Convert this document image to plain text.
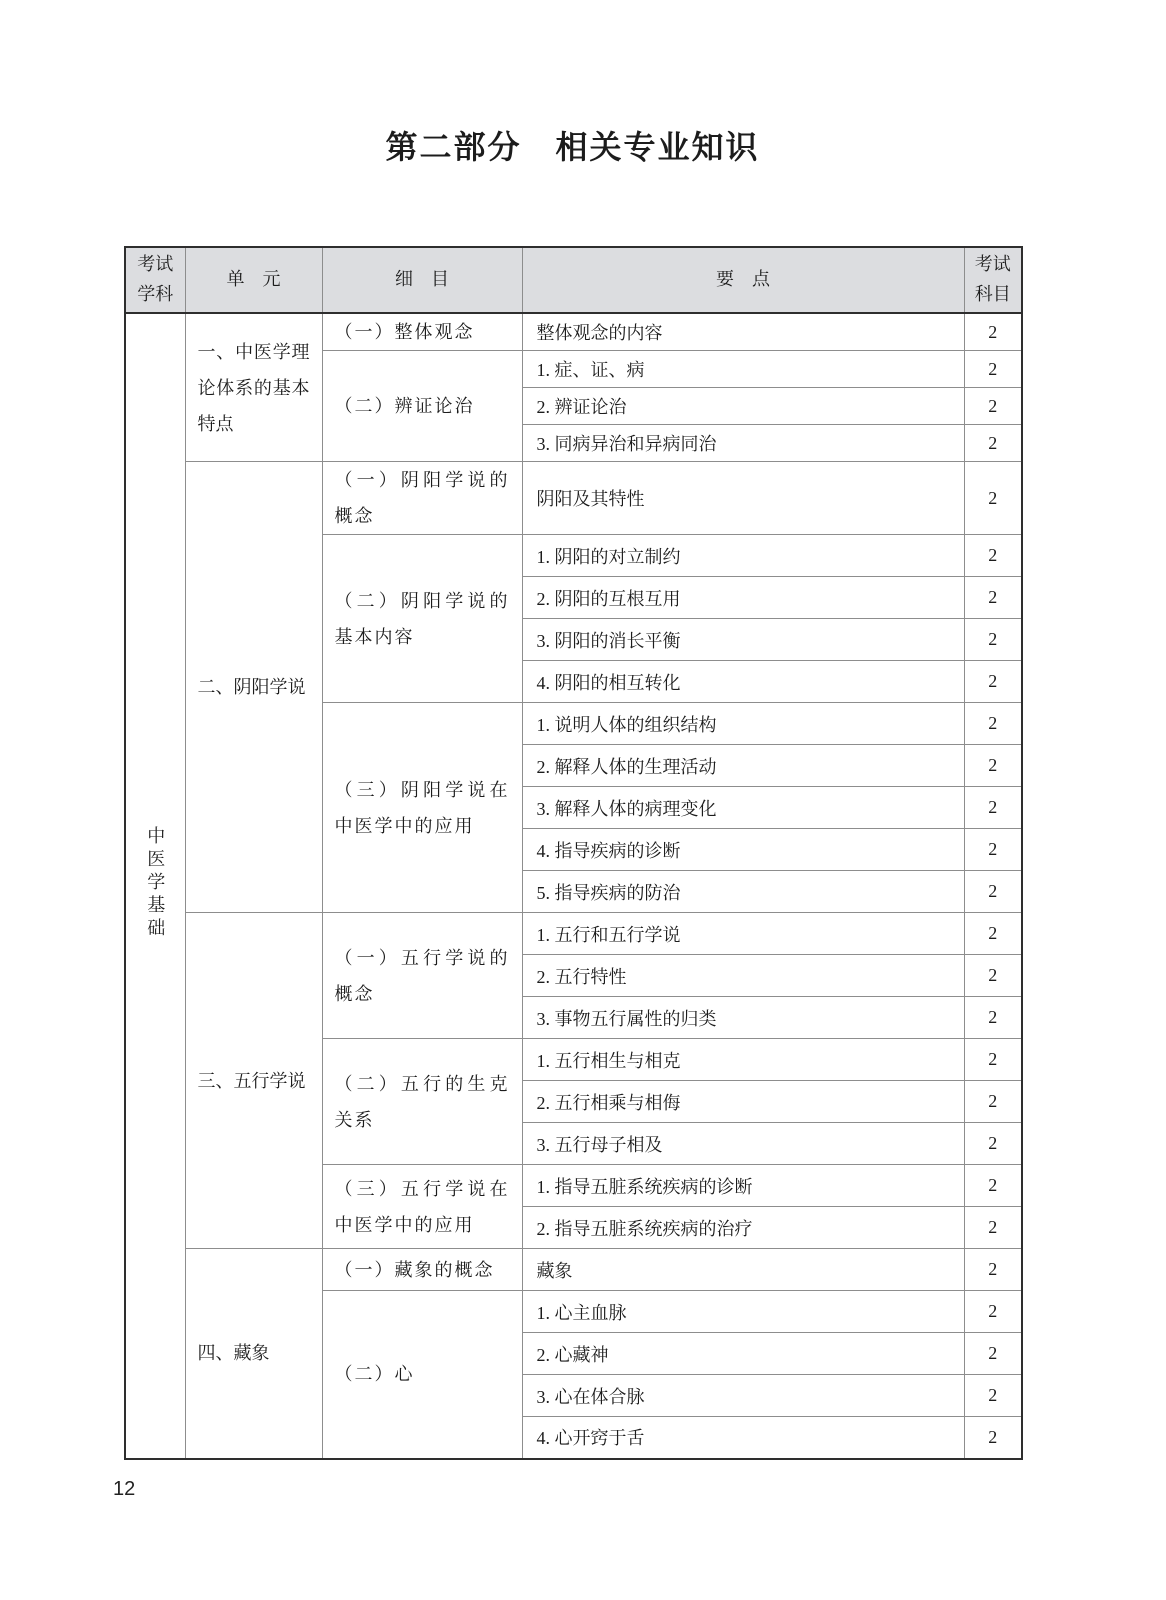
第二部分 相关专业知识
考试学科	单　元	细　目	要　点	考试科目
中医学基础	一、中医学理论体系的基本特点	（一）整体观念	整体观念的内容	2
		（二）辨证论治	1. 症、证、病	2
			2. 辨证论治	2
			3. 同病异治和异病同治	2
	二、阴阳学说	（一）阴阳学说的概念	阴阳及其特性	2
		（二）阴阳学说的基本内容	1. 阴阳的对立制约	2
			2. 阴阳的互根互用	2
			3. 阴阳的消长平衡	2
			4. 阴阳的相互转化	2
		（三）阴阳学说在中医学中的应用	1. 说明人体的组织结构	2
			2. 解释人体的生理活动	2
			3. 解释人体的病理变化	2
			4. 指导疾病的诊断	2
			5. 指导疾病的防治	2
	三、五行学说	（一）五行学说的概念	1. 五行和五行学说	2
			2. 五行特性	2
			3. 事物五行属性的归类	2
		（二）五行的生克关系	1. 五行相生与相克	2
			2. 五行相乘与相侮	2
			3. 五行母子相及	2
		（三）五行学说在中医学中的应用	1. 指导五脏系统疾病的诊断	2
			2. 指导五脏系统疾病的治疗	2
	四、藏象	（一）藏象的概念	藏象	2
		（二）心	1. 心主血脉	2
			2. 心藏神	2
			3. 心在体合脉	2
			4. 心开窍于舌	2
12
